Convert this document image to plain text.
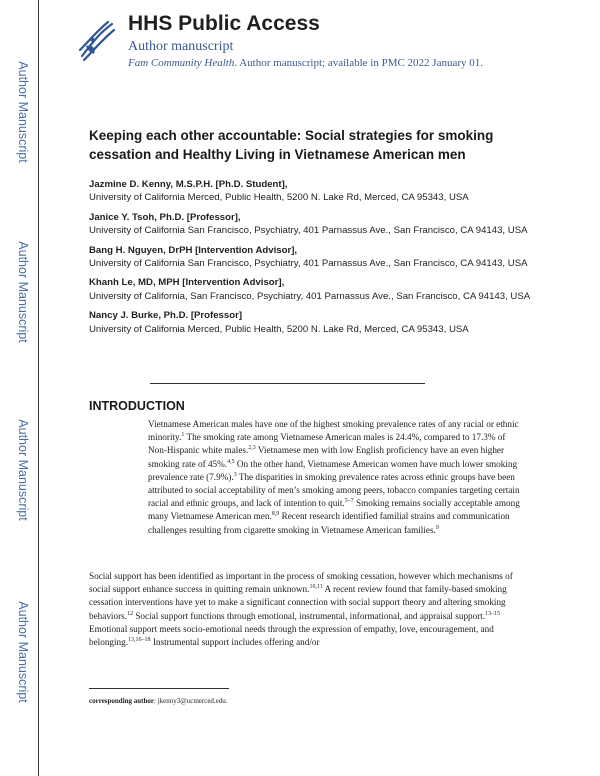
Author Manuscript
Author Manuscript
Author Manuscript
Author Manuscript
HHS Public Access
Author manuscript
Fam Community Health. Author manuscript; available in PMC 2022 January 01.
Keeping each other accountable: Social strategies for smoking
cessation and Healthy Living in Vietnamese American men
Jazmine D. Kenny, M.S.P.H. [Ph.D. Student],
University of California Merced, Public Health, 5200 N. Lake Rd, Merced, CA 95343, USA
Janice Y. Tsoh, Ph.D. [Professor],
University of California San Francisco, Psychiatry, 401 Parnassus Ave., San Francisco, CA 94143, USA
Bang H. Nguyen, DrPH [Intervention Advisor],
University of California San Francisco, Psychiatry, 401 Parnassus Ave., San Francisco, CA 94143, USA
Khanh Le, MD, MPH [Intervention Advisor],
University of California, San Francisco, Psychiatry, 401 Parnassus Ave., San Francisco, CA 94143, USA
Nancy J. Burke, Ph.D. [Professor]
University of California Merced, Public Health, 5200 N. Lake Rd, Merced, CA 95343, USA
INTRODUCTION
Vietnamese American males have one of the highest smoking prevalence rates of any racial or ethnic minority.$^1$ The smoking rate among Vietnamese American males is 24.4%, compared to 17.3% of Non-Hispanic white males.$^{2,3}$ Vietnamese men with low English proficiency have an even higher smoking rate of 45%.$^{4,5}$ On the other hand, Vietnamese American women have much lower smoking prevalence rate (7.9%).$^3$ The disparities in smoking prevalence rates across ethnic groups have been attributed to social acceptability of men’s smoking among peers, tobacco companies targeting certain racial and ethnic groups, and lack of intention to quit.$^{5-7}$ Smoking remains socially acceptable among many Vietnamese American men.$^{8,9}$ Recent research identified familial strains and communication challenges resulting from cigarette smoking in Vietnamese American families.$^9$
Social support has been identified as important in the process of smoking cessation, however which mechanisms of social support enhance success in quitting remain unknown.$^{10,11}$ A recent review found that family-based smoking cessation interventions have yet to make a significant connection with social support theory and altering smoking behaviors.$^{12}$ Social support functions through emotional, instrumental, informational, and appraisal support.$^{13-15}$ Emotional support meets socio-emotional needs through the expression of empathy, love, encouragement, and belonging.$^{13,16-18}$ Instrumental support includes offering and/or
corresponding author: jkenny3@ucmerced.edu.
